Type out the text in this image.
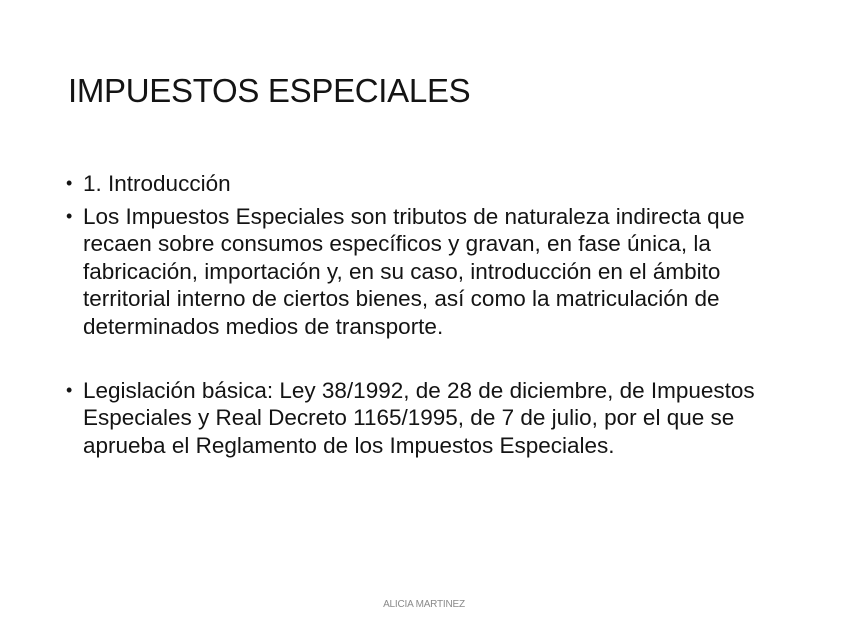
IMPUESTOS ESPECIALES
• 1. Introducción
• Los Impuestos Especiales son tributos de naturaleza indirecta que recaen sobre consumos específicos y gravan, en fase única, la fabricación, importación y, en su caso, introducción en el ámbito territorial interno de ciertos bienes, así como la matriculación de determinados medios de transporte.
• Legislación básica: Ley 38/1992, de 28 de diciembre, de Impuestos Especiales y Real Decreto 1165/1995, de 7 de julio, por el que se aprueba el Reglamento de los Impuestos Especiales.
ALICIA MARTINEZ
